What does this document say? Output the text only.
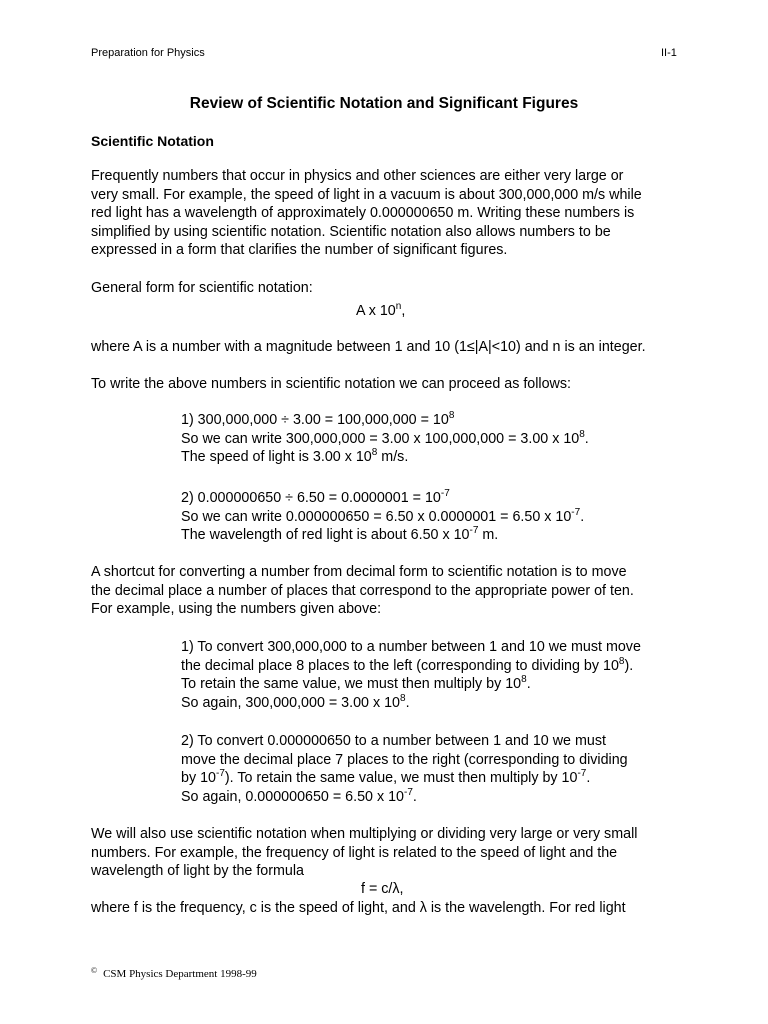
Preparation for Physics	II-1
Review of Scientific Notation and Significant Figures
Scientific Notation
Frequently numbers that occur in physics and other sciences are either very large or
very small. For example, the speed of light in a vacuum is about 300,000,000 m/s while
red light has a wavelength of approximately 0.000000650 m. Writing these numbers is
simplified by using scientific notation. Scientific notation also allows numbers to be
expressed in a form that clarifies the number of significant figures.
General form for scientific notation:
A x 10$^n$,
where A is a number with a magnitude between 1 and 10 (1≤|A|<10) and n is an integer.
To write the above numbers in scientific notation we can proceed as follows:
1) $300,000,000 \div 3.00 = 100,000,000 = 10^8$
So we can write 300,000,000 = 3.00 x 100,000,000 = 3.00 x $10^8$.
The speed of light is 3.00 x $10^8$ m/s.
2) $0.000000650 \div 6.50 = 0.0000001 = 10^{-7}$
So we can write 0.000000650 = 6.50 x 0.0000001 = 6.50 x $10^{-7}$.
The wavelength of red light is about 6.50 x $10^{-7}$ m.
A shortcut for converting a number from decimal form to scientific notation is to move
the decimal place a number of places that correspond to the appropriate power of ten.
For example, using the numbers given above:
1) To convert 300,000,000 to a number between 1 and 10 we must move
the decimal place 8 places to the left (corresponding to dividing by $10^8$).
To retain the same value, we must then multiply by $10^8$.
So again, 300,000,000 = 3.00 x $10^8$.
2) To convert 0.000000650 to a number between 1 and 10 we must
move the decimal place 7 places to the right (corresponding to dividing
by $10^{-7}$). To retain the same value, we must then multiply by $10^{-7}$.
So again, 0.000000650 = 6.50 x $10^{-7}$.
We will also use scientific notation when multiplying or dividing very large or very small
numbers. For example, the frequency of light is related to the speed of light and the
wavelength of light by the formula
f = c/λ,
where f is the frequency, c is the speed of light, and λ is the wavelength. For red light
© CSM Physics Department 1998-99
